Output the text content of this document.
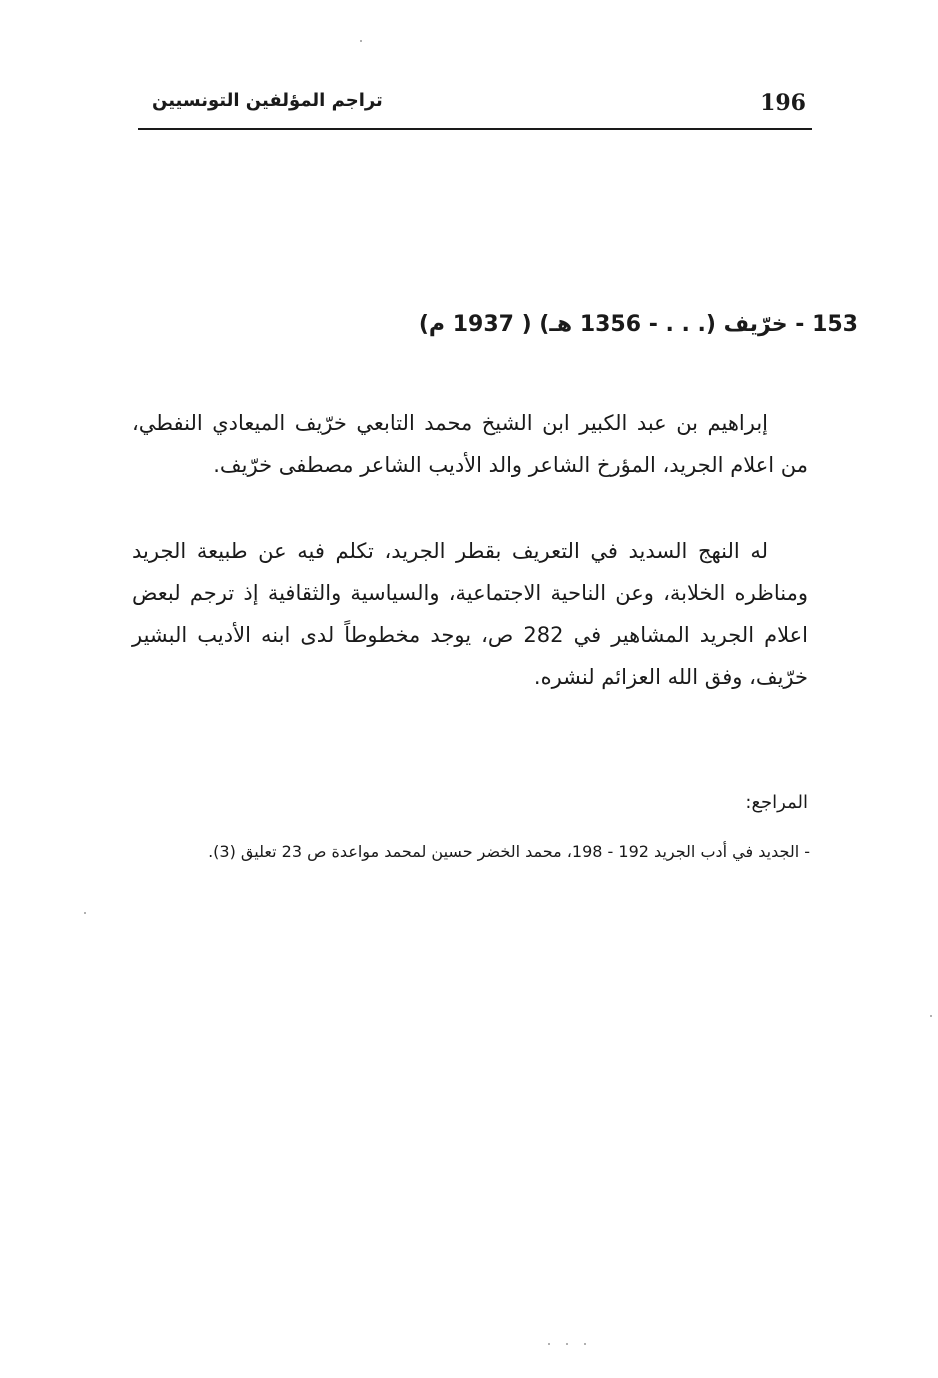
196
تراجم المؤلفين التونسيين
153 - خرّيف (. . . - 1356 هـ) ( 1937 م)

إبراهيم بن عبد الكبير ابن الشيخ محمد التابعي خرّيف الميعادي النفطي، من اعلام الجريد، المؤرخ الشاعر والد الأديب الشاعر مصطفى خرّيف.

له النهج السديد في التعريف بقطر الجريد، تكلم فيه عن طبيعة الجريد ومناظره الخلابة، وعن الناحية الاجتماعية، والسياسية والثقافية إذ ترجم لبعض اعلام الجريد المشاهير في 282 ص، يوجد مخطوطاً لدى ابنه الأديب البشير خرّيف، وفق الله العزائم لنشره.

المراجع:

- الجديد في أدب الجريد 192 - 198، محمد الخضر حسين لمحمد مواعدة ص 23 تعليق (3).
